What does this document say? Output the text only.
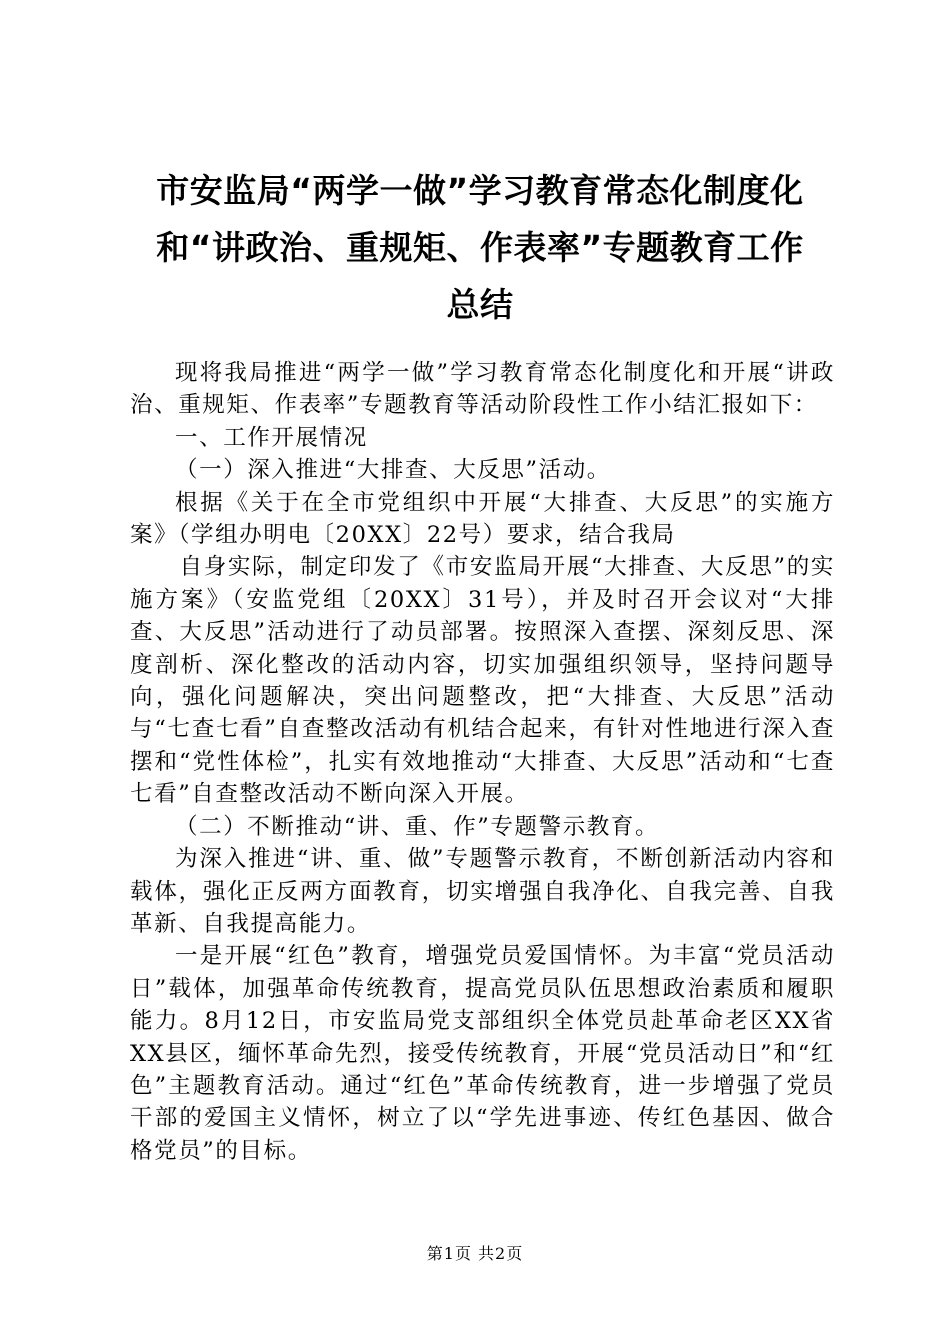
市安监局“两学一做”学习教育常态化制度化
和“讲政治、重规矩、作表率”专题教育工作
总结

现将我局推进“两学一做”学习教育常态化制度化和开展“讲政治、重规矩、作表率”专题教育等活动阶段性工作小结汇报如下：

一、工作开展情况

（一）深入推进“大排查、大反思”活动。

根据《关于在全市党组织中开展“大排查、大反思”的实施方案》（学组办明电〔20XX〕22号）要求，结合我局

自身实际，制定印发了《市安监局开展“大排查、大反思”的实施方案》（安监党组〔20XX〕31号），并及时召开会议对“大排查、大反思”活动进行了动员部署。按照深入查摆、深刻反思、深度剖析、深化整改的活动内容，切实加强组织领导，坚持问题导向，强化问题解决，突出问题整改，把“大排查、大反思”活动与“七查七看”自查整改活动有机结合起来，有针对性地进行深入查摆和“党性体检”，扎实有效地推动“大排查、大反思”活动和“七查七看”自查整改活动不断向深入开展。

（二）不断推动“讲、重、作”专题警示教育。

为深入推进“讲、重、做”专题警示教育，不断创新活动内容和载体，强化正反两方面教育，切实增强自我净化、自我完善、自我革新、自我提高能力。

一是开展“红色”教育，增强党员爱国情怀。为丰富“党员活动日”载体，加强革命传统教育，提高党员队伍思想政治素质和履职能力。8月12日，市安监局党支部组织全体党员赴革命老区XX省XX县区，缅怀革命先烈，接受传统教育，开展“党员活动日”和“红色”主题教育活动。通过“红色”革命传统教育，进一步增强了党员干部的爱国主义情怀，树立了以“学先进事迹、传红色基因、做合格党员”的目标。

第1页 共2页
